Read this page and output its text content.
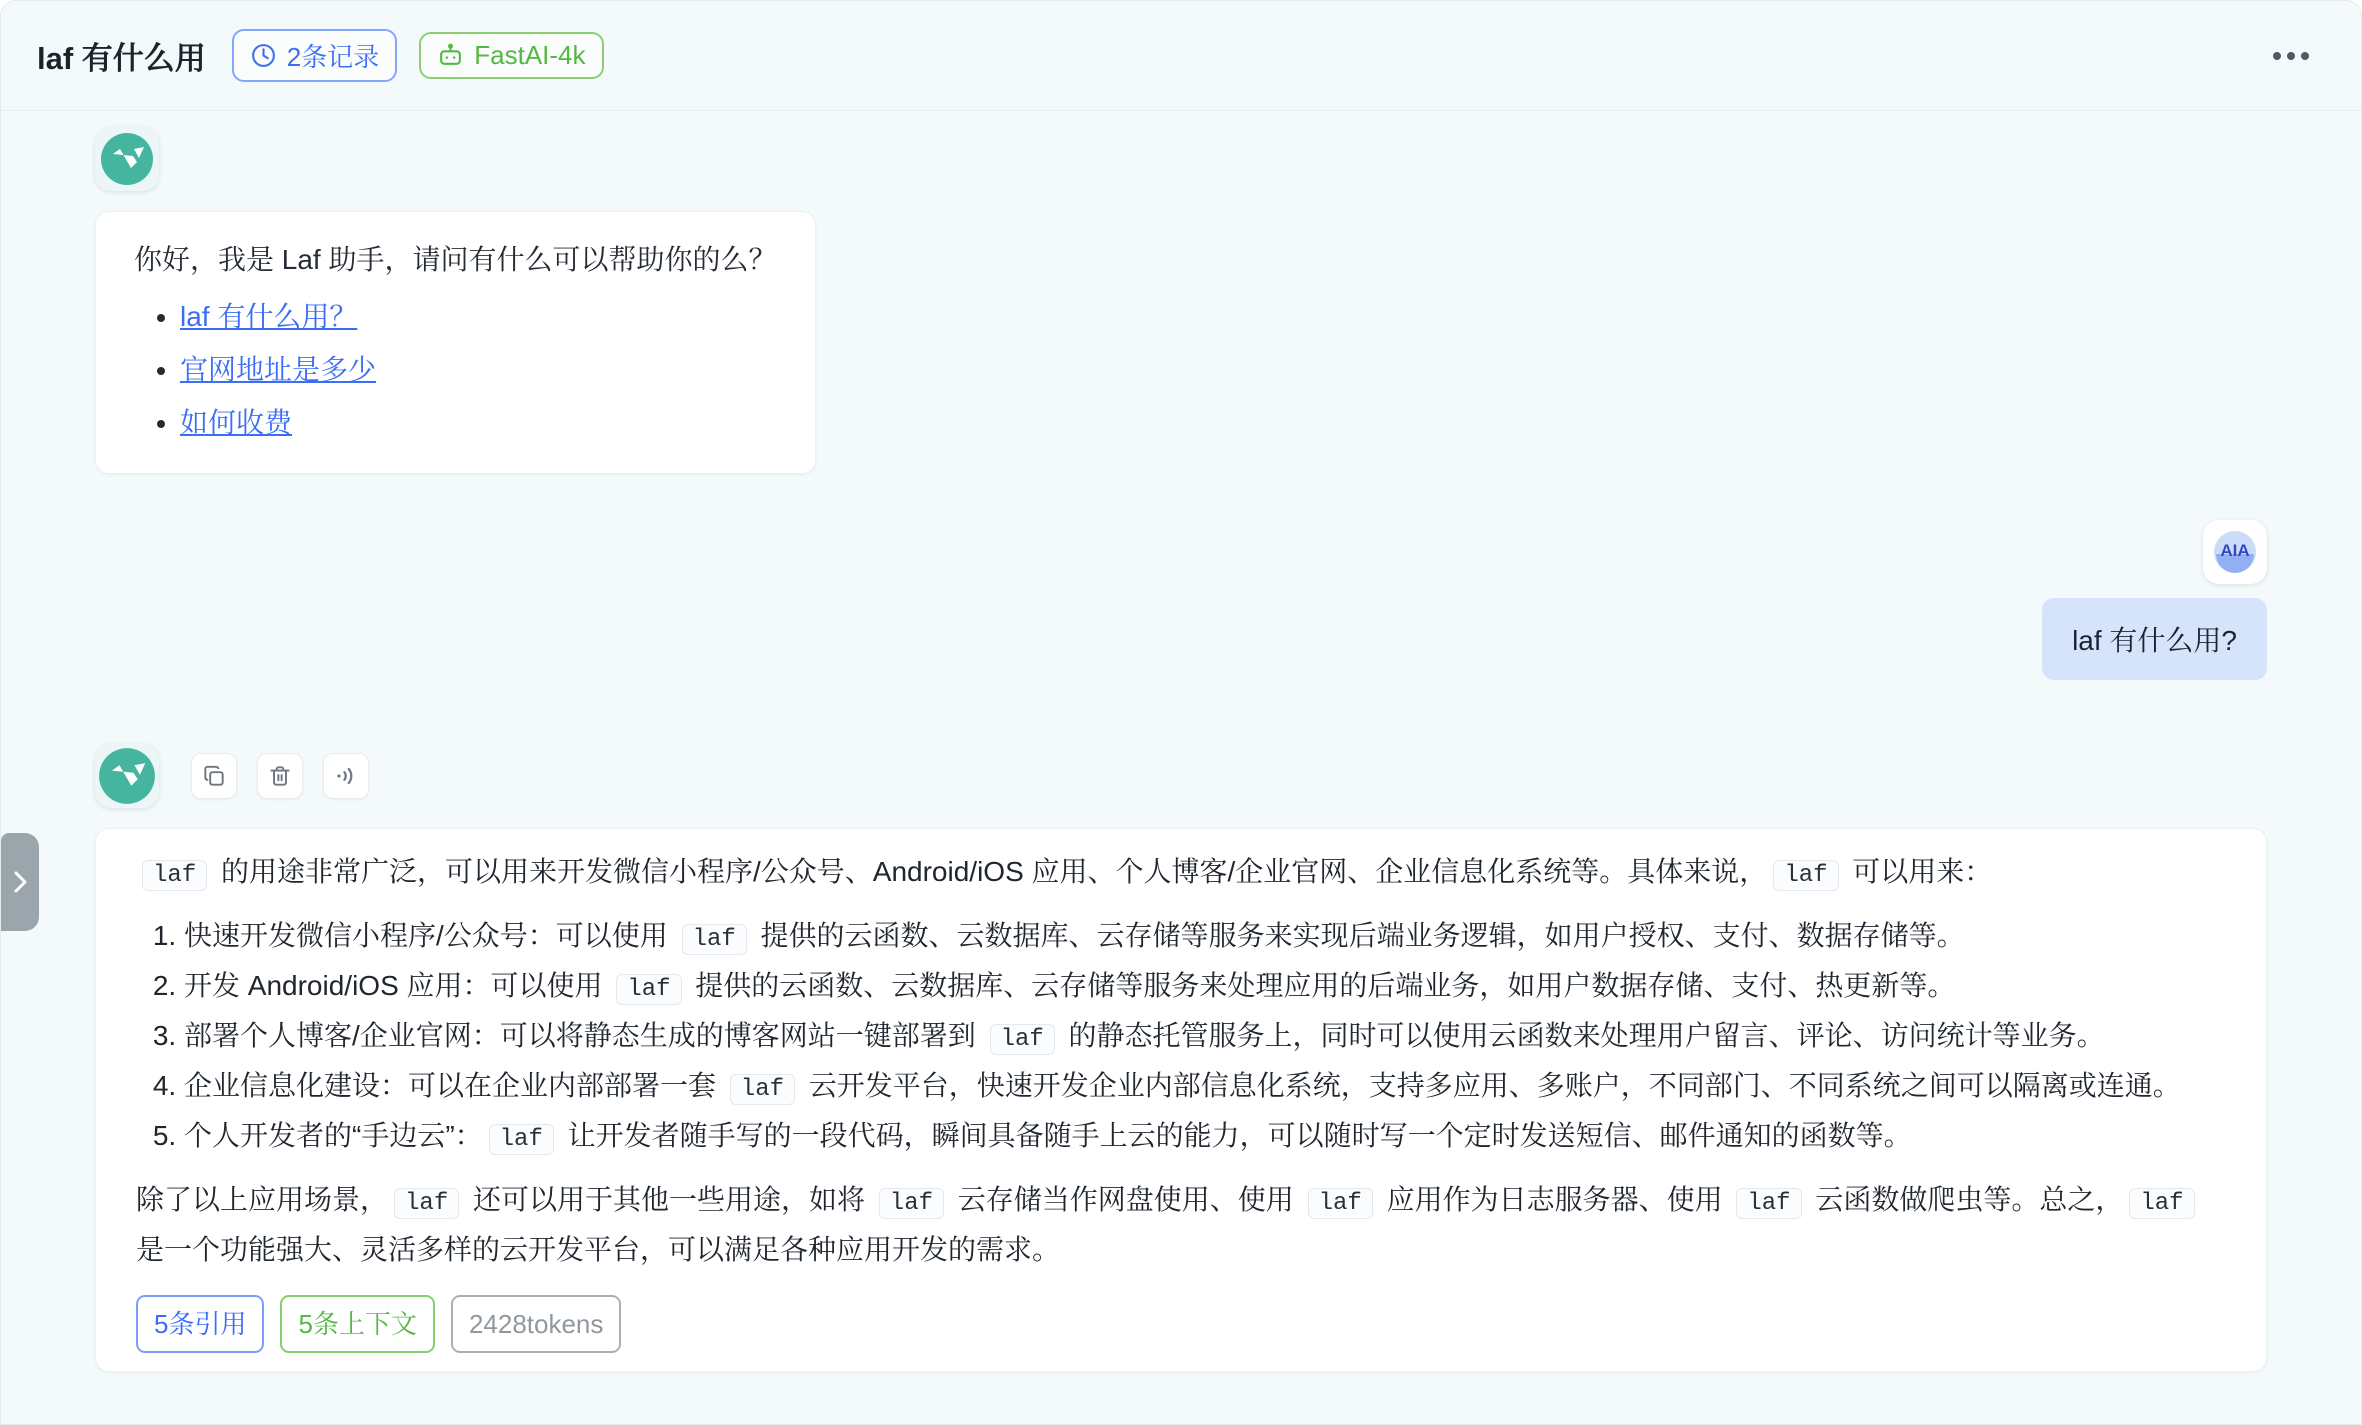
laf 有什么用	2条记录	FastAI-4k

你好，我是 Laf 助手，请问有什么可以帮助你的么？

• laf 有什么用？
• 官网地址是多少
• 如何收费
AIA
laf 有什么用?

laf 的用途非常广泛，可以用来开发微信小程序/公众号、Android/iOS 应用、个人博客/企业官网、企业信息化系统等。具体来说， laf 可以用来：

1. 快速开发微信小程序/公众号：可以使用 laf 提供的云函数、云数据库、云存储等服务来实现后端业务逻辑，如用户授权、支付、数据存储等。
2. 开发 Android/iOS 应用：可以使用 laf 提供的云函数、云数据库、云存储等服务来处理应用的后端业务，如用户数据存储、支付、热更新等。
3. 部署个人博客/企业官网：可以将静态生成的博客网站一键部署到 laf 的静态托管服务上，同时可以使用云函数来处理用户留言、评论、访问统计等业务。
4. 企业信息化建设：可以在企业内部部署一套 laf 云开发平台，快速开发企业内部信息化系统，支持多应用、多账户，不同部门、不同系统之间可以隔离或连通。
5. 个人开发者的“手边云”： laf 让开发者随手写的一段代码，瞬间具备随手上云的能力，可以随时写一个定时发送短信、邮件通知的函数等。

除了以上应用场景， laf 还可以用于其他一些用途，如将 laf 云存储当作网盘使用、使用 laf 应用作为日志服务器、使用 laf 云函数做爬虫等。总之， laf 是一个功能强大、灵活多样的云开发平台，可以满足各种应用开发的需求。

5条引用	5条上下文	2428tokens
